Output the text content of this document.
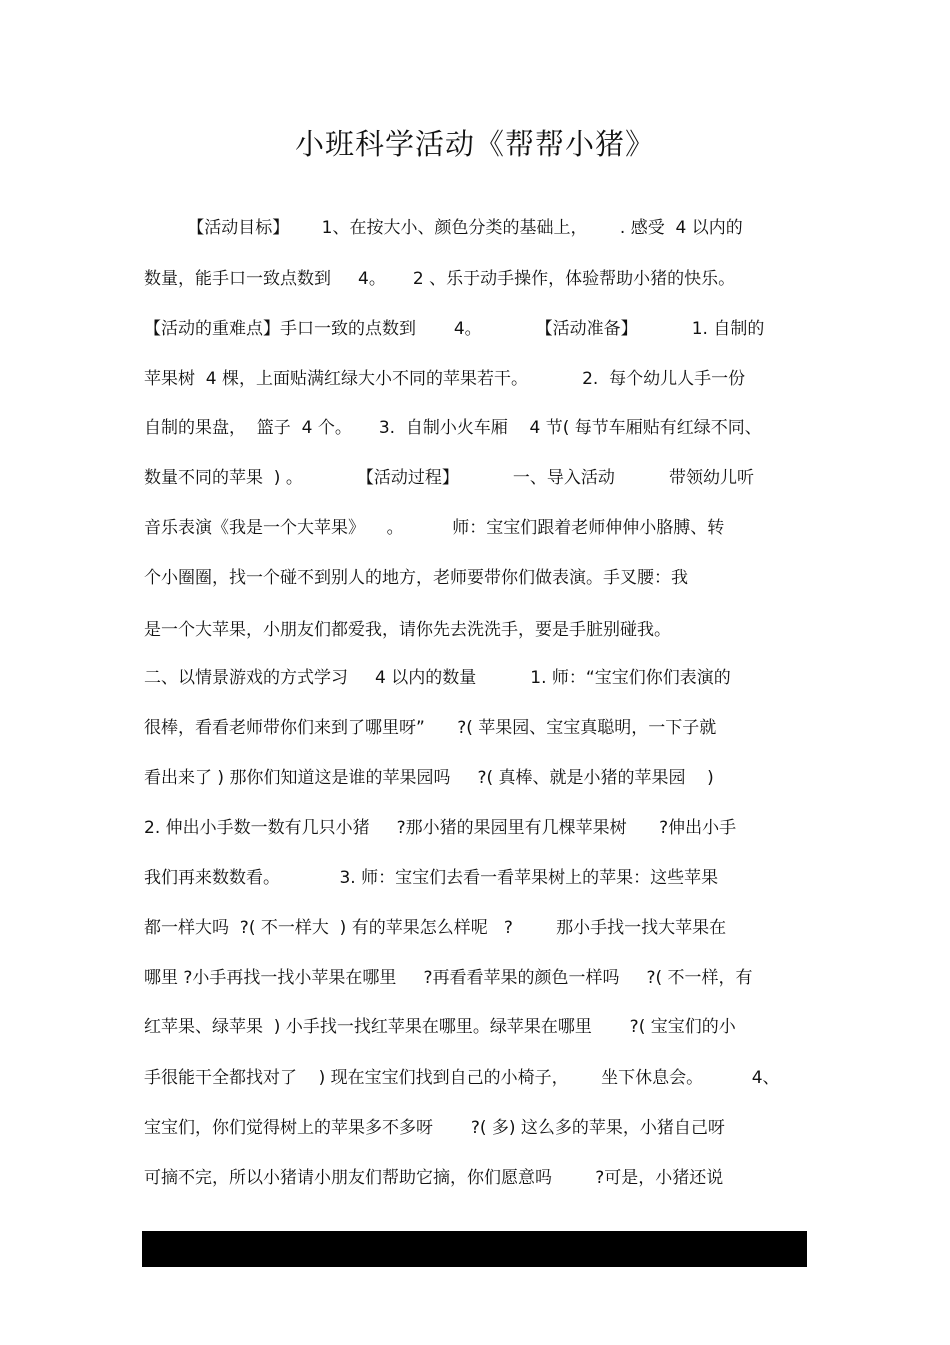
小班科学活动《帮帮小猪》
【活动目标】      1、在按大小、颜色分类的基础上，      . 感受  4 以内的
数量，能手口一致点数到     4。     2 、乐于动手操作，体验帮助小猪的快乐。
【活动的重难点】手口一致的点数到       4。          【活动准备】          1. 自制的
苹果树  4 棵，上面贴满红绿大小不同的苹果若干。          2.  每个幼儿人手一份
自制的果盘，  篮子  4 个。     3.  自制小火车厢    4 节( 每节车厢贴有红绿不同、
数量不同的苹果  ) 。          【活动过程】          一、导入活动          带领幼儿听
音乐表演《我是一个大苹果》    。         师：宝宝们跟着老师伸伸小胳膊、转
个小圈圈，找一个碰不到别人的地方，老师要带你们做表演。手叉腰：我
是一个大苹果，小朋友们都爱我，请你先去洗洗手，要是手脏别碰我。
二、以情景游戏的方式学习     4 以内的数量          1. 师：“宝宝们你们表演的
很棒，看看老师带你们来到了哪里呀”      ?( 苹果园、宝宝真聪明，一下子就
看出来了 ) 那你们知道这是谁的苹果园吗     ?( 真棒、就是小猪的苹果园    )
2. 伸出小手数一数有几只小猪     ?那小猪的果园里有几棵苹果树      ?伸出小手
我们再来数数看。           3. 师：宝宝们去看一看苹果树上的苹果：这些苹果
都一样大吗  ?( 不一样大  ) 有的苹果怎么样呢   ?        那小手找一找大苹果在
哪里 ?小手再找一找小苹果在哪里     ?再看看苹果的颜色一样吗     ?( 不一样，有
红苹果、绿苹果  ) 小手找一找红苹果在哪里。绿苹果在哪里       ?( 宝宝们的小
手很能干全都找对了    ) 现在宝宝们找到自己的小椅子，      坐下休息会。         4、
宝宝们，你们觉得树上的苹果多不多呀       ?( 多) 这么多的苹果，小猪自己呀
可摘不完，所以小猪请小朋友们帮助它摘，你们愿意吗        ?可是，小猪还说
